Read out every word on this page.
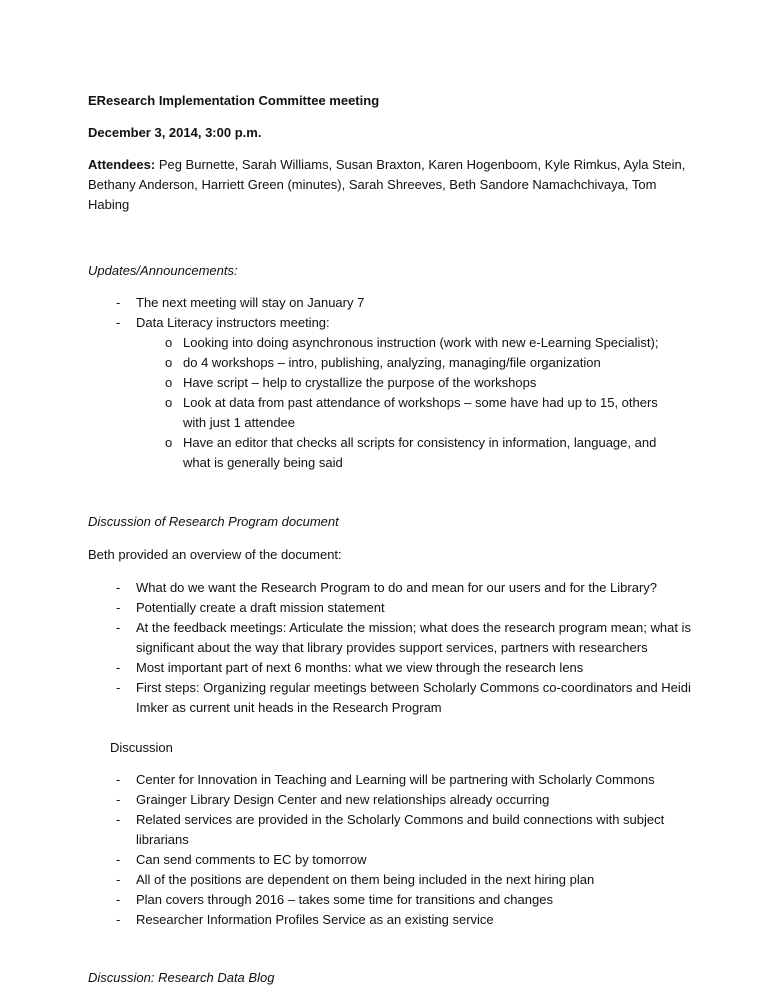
EResearch Implementation Committee meeting
December 3, 2014, 3:00 p.m.
Attendees: Peg Burnette, Sarah Williams, Susan Braxton, Karen Hogenboom, Kyle Rimkus, Ayla Stein, Bethany Anderson, Harriett Green (minutes), Sarah Shreeves, Beth Sandore Namachchivaya, Tom Habing
Updates/Announcements:
- The next meeting will stay on January 7
- Data Literacy instructors meeting:
o Looking into doing asynchronous instruction (work with new e-Learning Specialist);
o do 4 workshops – intro, publishing, analyzing, managing/file organization
o Have script – help to crystallize the purpose of the workshops
o Look at data from past attendance of workshops – some have had up to 15, others with just 1 attendee
o Have an editor that checks all scripts for consistency in information, language, and what is generally being said
Discussion of Research Program document
Beth provided an overview of the document:
- What do we want the Research Program to do and mean for our users and for the Library?
- Potentially create a draft mission statement
- At the feedback meetings: Articulate the mission; what does the research program mean; what is significant about the way that library provides support services, partners with researchers
- Most important part of next 6 months: what we view through the research lens
- First steps: Organizing regular meetings between Scholarly Commons co-coordinators and Heidi Imker as current unit heads in the Research Program
Discussion
- Center for Innovation in Teaching and Learning will be partnering with Scholarly Commons
- Grainger Library Design Center and new relationships already occurring
- Related services are provided in the Scholarly Commons and build connections with subject librarians
- Can send comments to EC by tomorrow
- All of the positions are dependent on them being included in the next hiring plan
- Plan covers through 2016 – takes some time for transitions and changes
- Researcher Information Profiles Service as an existing service
Discussion: Research Data Blog
